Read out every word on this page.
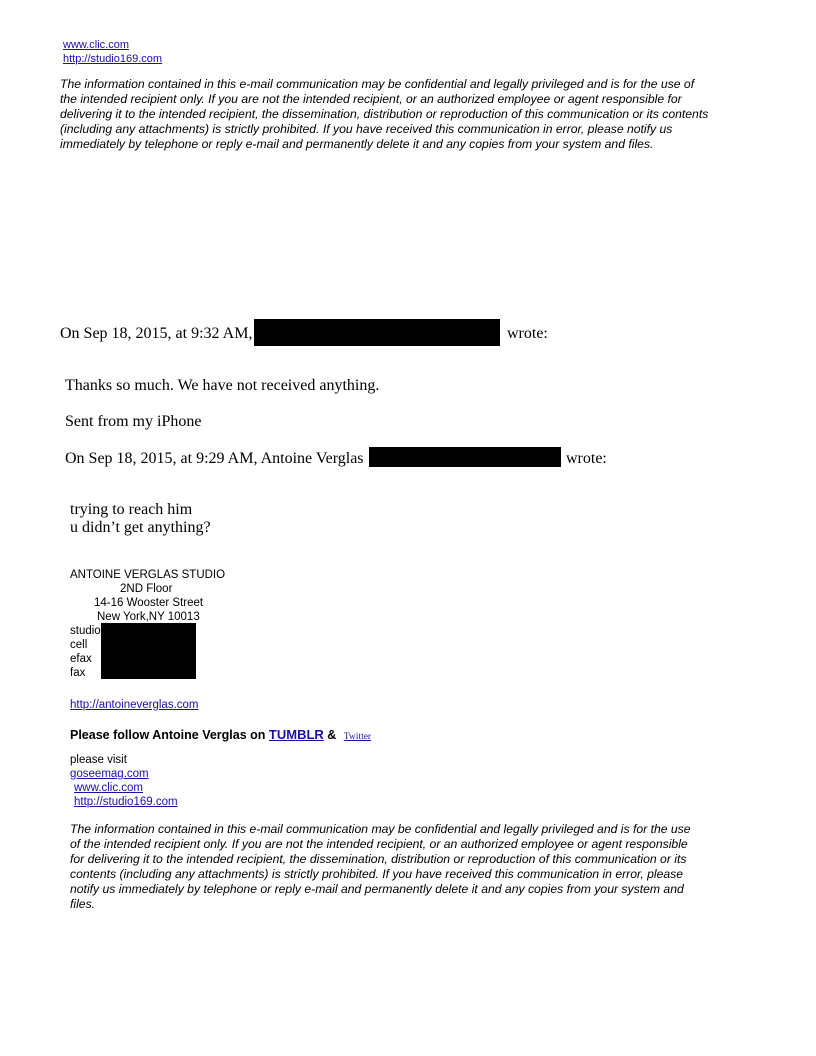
www.clic.com
http://studio169.com
The information contained in this e-mail communication may be confidential and legally privileged and is for the use of
the intended recipient only. If you are not the intended recipient, or an authorized employee or agent responsible for
delivering it to the intended recipient, the dissemination, distribution or reproduction of this communication or its contents
(including any attachments) is strictly prohibited. If you have received this communication in error, please notify us
immediately by telephone or reply e-mail and permanently delete it and any copies from your system and files.
On Sep 18, 2015, at 9:32 AM,	wrote:
Thanks so much. We have not received anything.
Sent from my iPhone
On Sep 18, 2015, at 9:29 AM, Antoine Verglas	wrote:
trying to reach him
u didn’t get anything?
ANTOINE VERGLAS STUDIO
2ND Floor
14-16 Wooster Street
New York,NY 10013
studio
cell
efax
fax
http://antoineverglas.com
Please follow Antoine Verglas on TUMBLR & Twitter
please visit
goseemag.com
www.clic.com
http://studio169.com
The information contained in this e-mail communication may be confidential and legally privileged and is for the use
of the intended recipient only. If you are not the intended recipient, or an authorized employee or agent responsible
for delivering it to the intended recipient, the dissemination, distribution or reproduction of this communication or its
contents (including any attachments) is strictly prohibited. If you have received this communication in error, please
notify us immediately by telephone or reply e-mail and permanently delete it and any copies from your system and
files.
